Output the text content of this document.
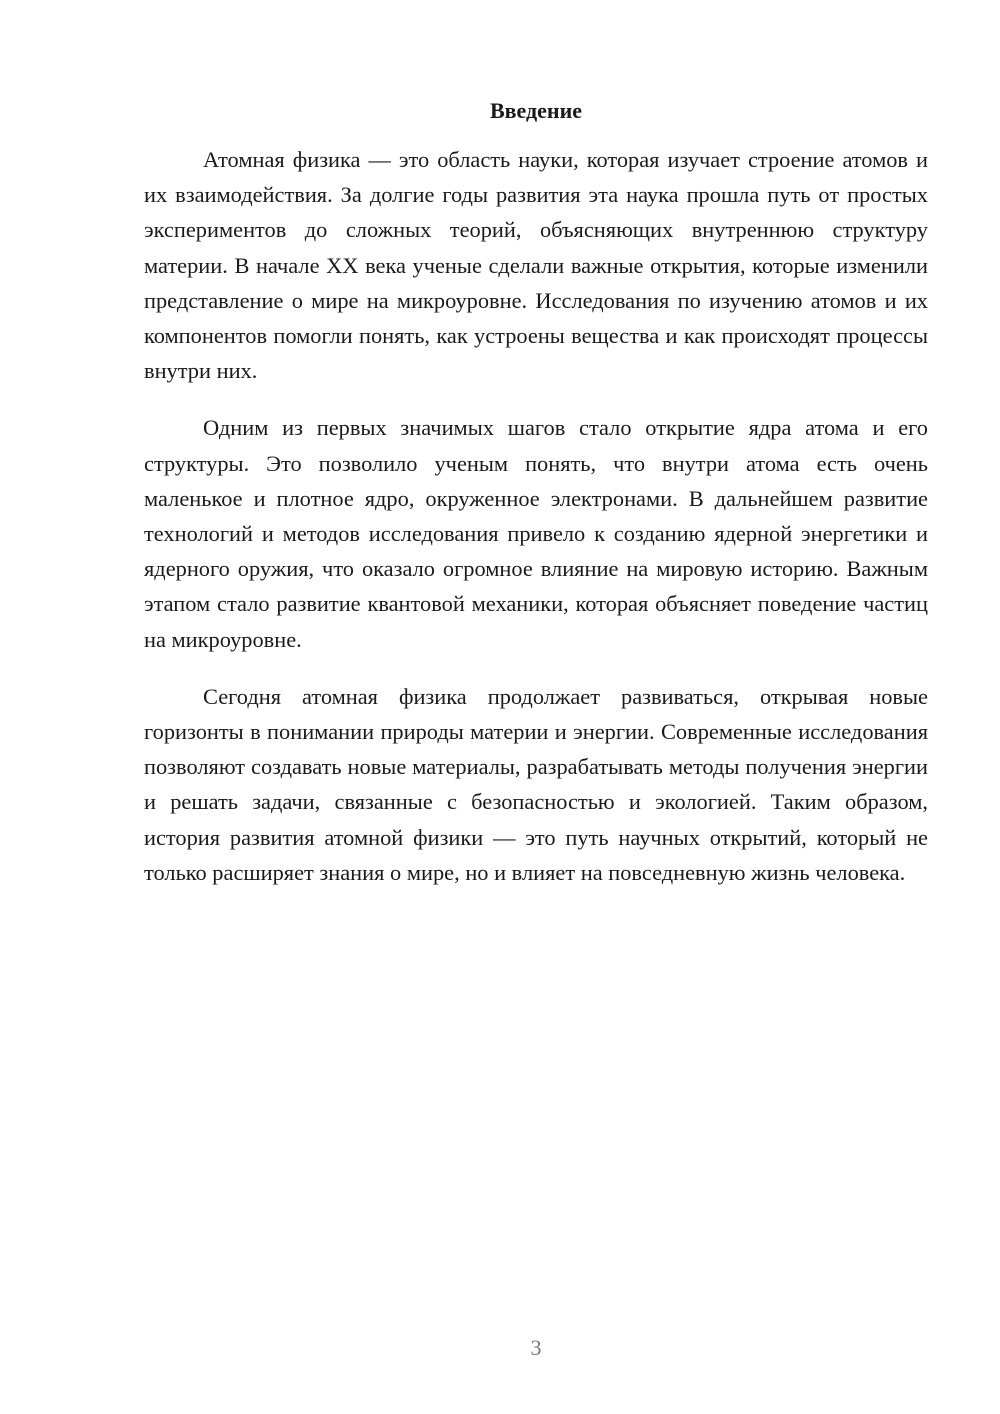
Введение

Атомная физика — это область науки, которая изучает строение атомов и их взаимодействия. За долгие годы развития эта наука прошла путь от простых экспериментов до сложных теорий, объясняющих внутреннюю структуру материи. В начале XX века ученые сделали важные открытия, которые изменили представление о мире на микроуровне. Исследования по изучению атомов и их компонентов помогли понять, как устроены вещества и как происходят процессы внутри них.

Одним из первых значимых шагов стало открытие ядра атома и его структуры. Это позволило ученым понять, что внутри атома есть очень маленькое и плотное ядро, окруженное электронами. В дальнейшем развитие технологий и методов исследования привело к созданию ядерной энергетики и ядерного оружия, что оказало огромное влияние на мировую историю. Важным этапом стало развитие квантовой механики, которая объясняет поведение частиц на микроуровне.

Сегодня атомная физика продолжает развиваться, открывая новые горизонты в понимании природы материи и энергии. Современные исследования позволяют создавать новые материалы, разрабатывать методы получения энергии и решать задачи, связанные с безопасностью и экологией. Таким образом, история развития атомной физики — это путь научных открытий, который не только расширяет знания о мире, но и влияет на повседневную жизнь человека.

3
